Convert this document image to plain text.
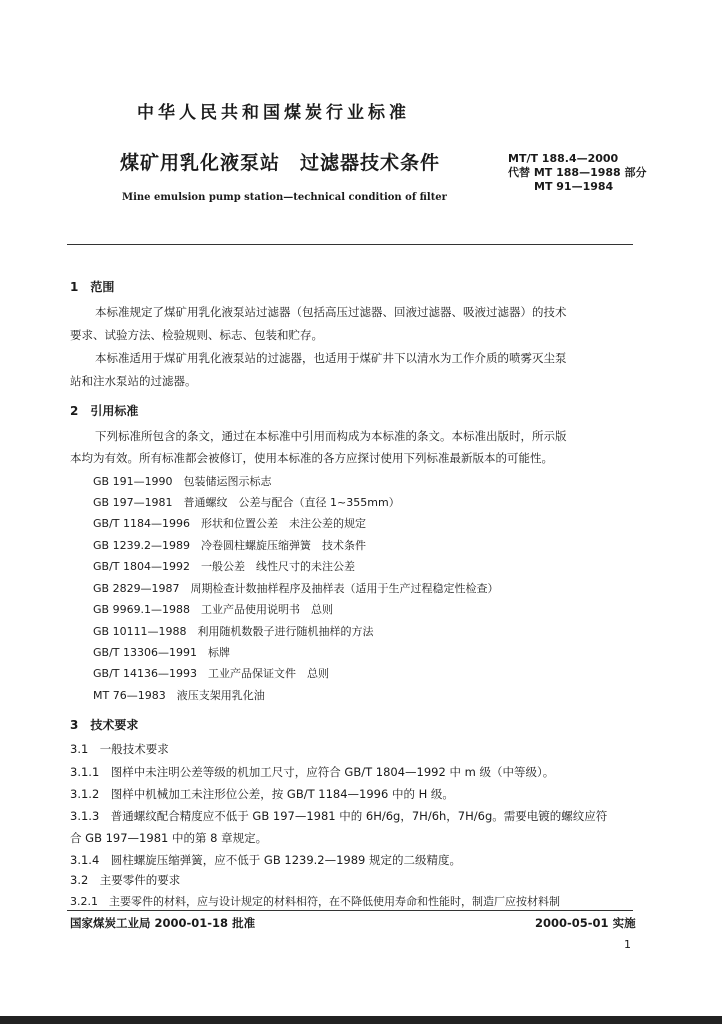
中华人民共和国煤炭行业标准
煤矿用乳化液泵站　过滤器技术条件
Mine emulsion pump station—technical condition of filter
MT/T 188.4—2000
代替 MT 188—1988 部分
MT 91—1984
1　范围
本标准规定了煤矿用乳化液泵站过滤器（包括高压过滤器、回液过滤器、吸液过滤器）的技术
要求、试验方法、检验规则、标志、包装和贮存。
本标准适用于煤矿用乳化液泵站的过滤器，也适用于煤矿井下以清水为工作介质的喷雾灭尘泵
站和注水泵站的过滤器。
2　引用标准
下列标准所包含的条文，通过在本标准中引用而构成为本标准的条文。本标准出版时，所示版
本均为有效。所有标准都会被修订，使用本标准的各方应探讨使用下列标准最新版本的可能性。
GB 191—1990　包装储运图示标志
GB 197—1981　普通螺纹　公差与配合（直径 1~355mm）
GB/T 1184—1996　形状和位置公差　未注公差的规定
GB 1239.2—1989　冷卷圆柱螺旋压缩弹簧　技术条件
GB/T 1804—1992　一般公差　线性尺寸的未注公差
GB 2829—1987　周期检查计数抽样程序及抽样表（适用于生产过程稳定性检查）
GB 9969.1—1988　工业产品使用说明书　总则
GB 10111—1988　利用随机数骰子进行随机抽样的方法
GB/T 13306—1991　标牌
GB/T 14136—1993　工业产品保证文件　总则
MT 76—1983　液压支架用乳化油
3　技术要求
3.1　一般技术要求
3.1.1　图样中未注明公差等级的机加工尺寸，应符合 GB/T 1804—1992 中 m 级（中等级）。
3.1.2　图样中机械加工未注形位公差，按 GB/T 1184—1996 中的 H 级。
3.1.3　普通螺纹配合精度应不低于 GB 197—1981 中的 6H/6g，7H/6h，7H/6g。需要电镀的螺纹应符
合 GB 197—1981 中的第 8 章规定。
3.1.4　圆柱螺旋压缩弹簧，应不低于 GB 1239.2—1989 规定的二级精度。
3.2　主要零件的要求
3.2.1　主要零件的材料，应与设计规定的材料相符，在不降低使用寿命和性能时，制造厂应按材料制
国家煤炭工业局 2000-01-18 批准	2000-05-01 实施
1
